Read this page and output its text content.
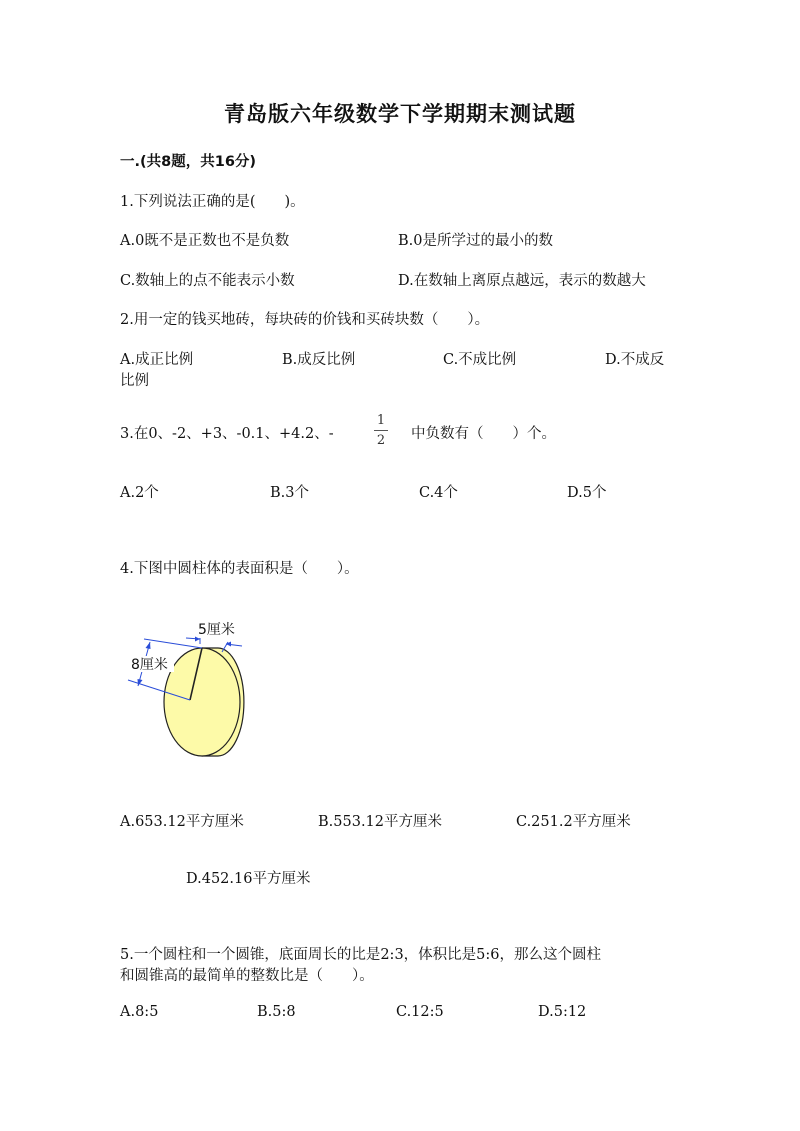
青岛版六年级数学下学期期末测试题
一.(共8题，共16分)
1.下列说法正确的是(　　)。
A.0既不是正数也不是负数	B.0是所学过的最小的数
C.数轴上的点不能表示小数	D.在数轴上离原点越远，表示的数越大
2.用一定的钱买地砖，每块砖的价钱和买砖块数（　　）。
A.成正比例	B.成反比例	C.不成比例	D.不成反
比例
3.在0、-2、+3、-0.1、+4.2、-
1
2 中负数有（　　）个。
A.2个	B.3个	C.4个	D.5个
4.下图中圆柱体的表面积是（　　）。
8厘米
5厘米
A.653.12平方厘米	B.553.12平方厘米	C.251.2平方厘米
D.452.16平方厘米
5.一个圆柱和一个圆锥，底面周长的比是2:3，体积比是5:6，那么这个圆柱
和圆锥高的最简单的整数比是（　　）。
A.8:5	B.5:8	C.12:5	D.5:12
